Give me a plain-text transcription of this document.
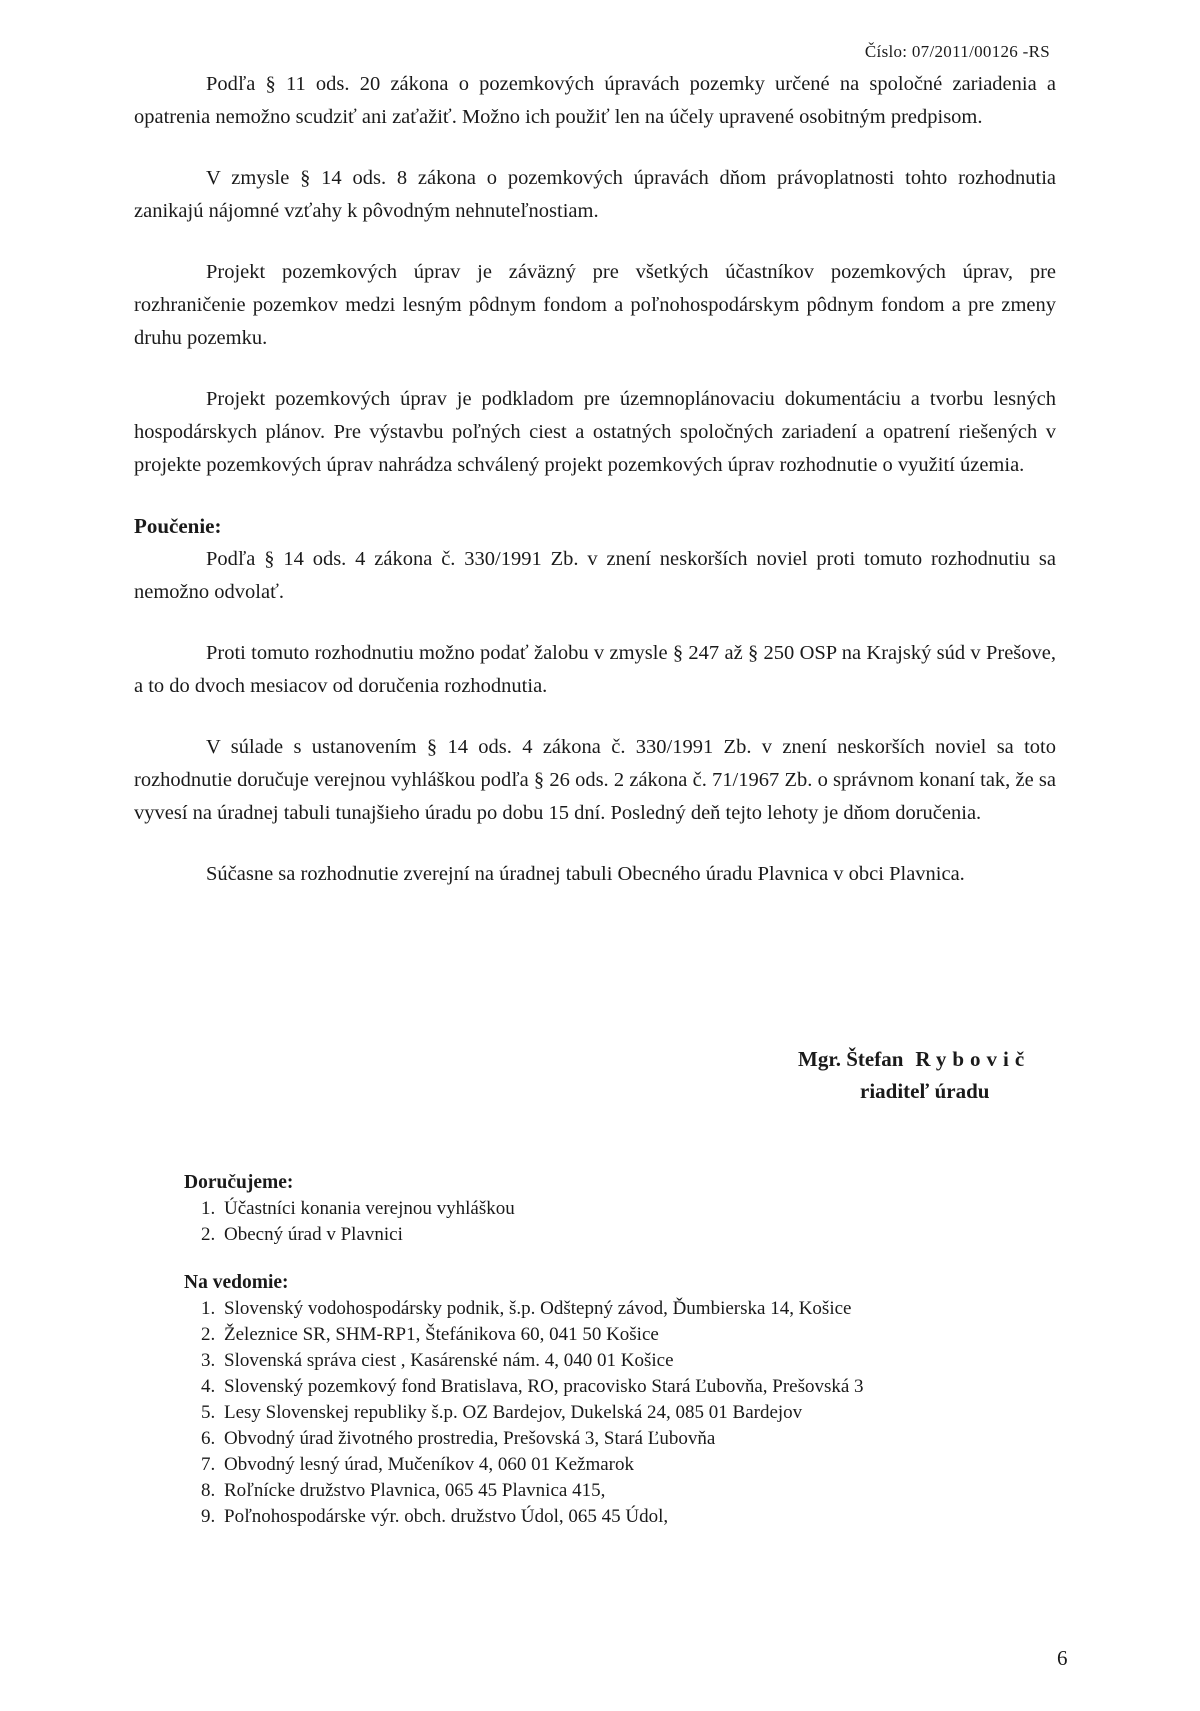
Číslo: 07/2011/00126 -RS

Podľa § 11 ods. 20 zákona o pozemkových úpravách pozemky určené na spoločné zariadenia a opatrenia nemožno scudziť ani zaťažiť. Možno ich použiť len na účely upravené osobitným predpisom.

V zmysle § 14 ods. 8 zákona o pozemkových úpravách dňom právoplatnosti tohto rozhodnutia zanikajú nájomné vzťahy k pôvodným nehnuteľnostiam.

Projekt pozemkových úprav je záväzný pre všetkých účastníkov pozemkových úprav, pre rozhraničenie pozemkov medzi lesným pôdnym fondom a poľnohospodárskym pôdnym fondom a pre zmeny druhu pozemku.

Projekt pozemkových úprav je podkladom pre územnoplánovaciu dokumentáciu a tvorbu lesných hospodárskych plánov. Pre výstavbu poľných ciest a ostatných spoločných zariadení a opatrení riešených v projekte pozemkových úprav nahrádza schválený projekt pozemkových úprav rozhodnutie o využití územia.

Poučenie:

Podľa § 14 ods. 4 zákona č. 330/1991 Zb. v znení neskorších noviel proti tomuto rozhodnutiu sa nemožno odvolať.

Proti tomuto rozhodnutiu možno podať žalobu v zmysle § 247 až § 250 OSP na Krajský súd v Prešove, a to do dvoch mesiacov od doručenia rozhodnutia.

V súlade s ustanovením § 14 ods. 4 zákona č. 330/1991 Zb. v znení neskorších noviel sa toto rozhodnutie doručuje verejnou vyhláškou podľa § 26 ods. 2 zákona č. 71/1967 Zb. o správnom konaní tak, že sa vyvesí na úradnej tabuli tunajšieho úradu po dobu 15 dní. Posledný deň tejto lehoty je dňom doručenia.

Súčasne sa rozhodnutie zverejní na úradnej tabuli Obecného úradu Plavnica v obci Plavnica.

Mgr. Štefan Rybovič
riaditeľ úradu
Doručujeme:
1. Účastníci konania verejnou vyhláškou
2. Obecný úrad v Plavnici
Na vedomie:
1. Slovenský vodohospodársky podnik, š.p. Odštepný závod, Ďumbierska 14, Košice
2. Železnice SR, SHM-RP1, Štefánikova 60, 041 50 Košice
3. Slovenská správa ciest , Kasárenské nám. 4, 040 01 Košice
4. Slovenský pozemkový fond Bratislava, RO, pracovisko Stará Ľubovňa, Prešovská 3
5. Lesy Slovenskej republiky š.p. OZ Bardejov, Dukelská 24, 085 01 Bardejov
6. Obvodný úrad životného prostredia, Prešovská 3, Stará Ľubovňa
7. Obvodný lesný úrad, Mučeníkov 4, 060 01 Kežmarok
8. Roľnícke družstvo Plavnica, 065 45 Plavnica 415,
9. Poľnohospodárske výr. obch. družstvo Údol, 065 45 Údol,
6
